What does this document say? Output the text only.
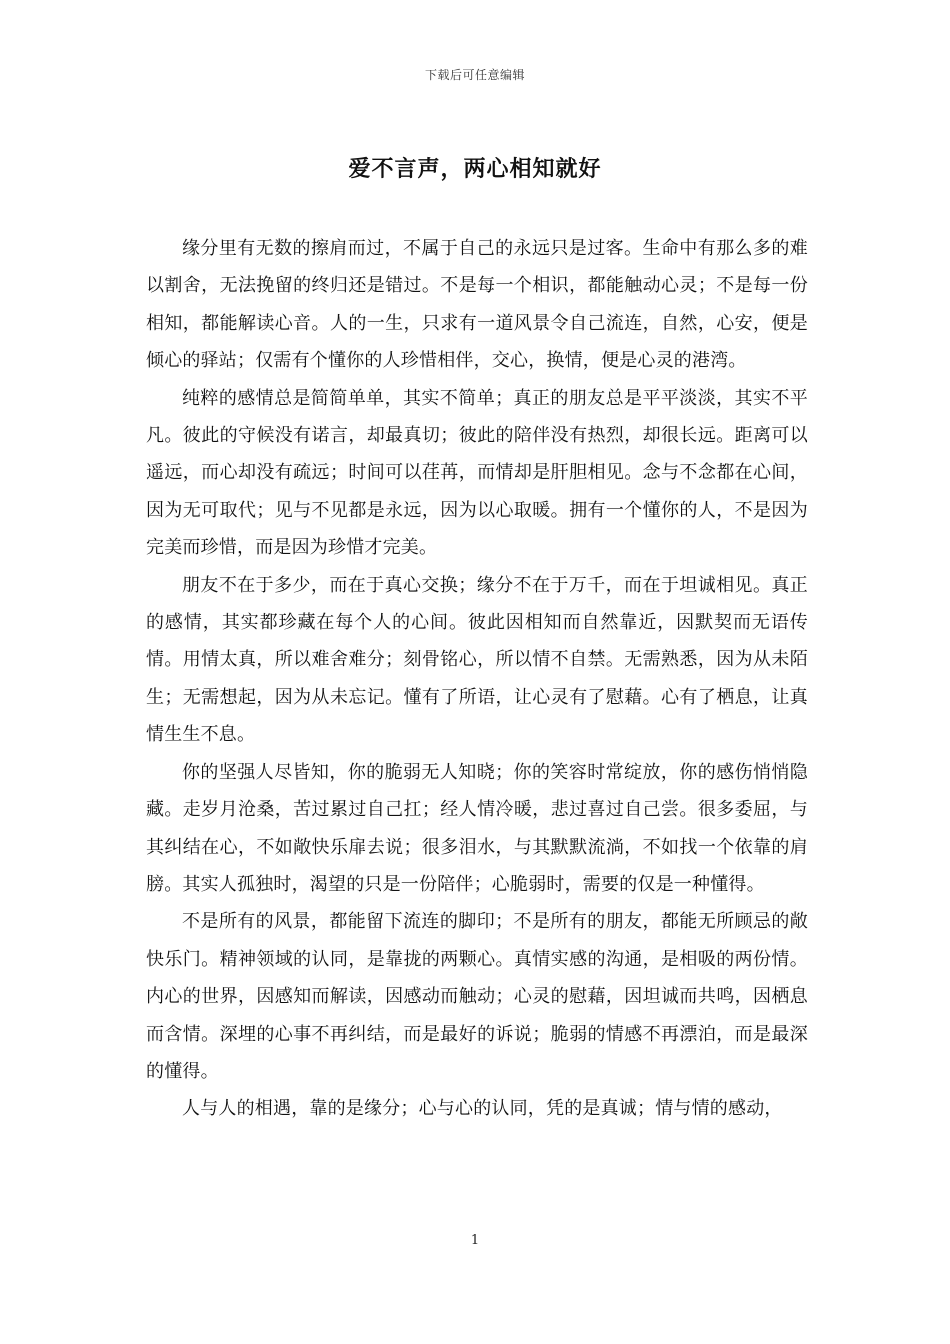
下载后可任意编辑
爱不言声，两心相知就好

缘分里有无数的擦肩而过，不属于自己的永远只是过客。生命中有那么多的难以割舍，无法挽留的终归还是错过。不是每一个相识，都能触动心灵；不是每一份相知，都能解读心音。人的一生，只求有一道风景令自己流连，自然，心安，便是倾心的驿站；仅需有个懂你的人珍惜相伴，交心，换情，便是心灵的港湾。

纯粹的感情总是简简单单，其实不简单；真正的朋友总是平平淡淡，其实不平凡。彼此的守候没有诺言，却最真切；彼此的陪伴没有热烈，却很长远。距离可以遥远，而心却没有疏远；时间可以荏苒，而情却是肝胆相见。念与不念都在心间，因为无可取代；见与不见都是永远，因为以心取暖。拥有一个懂你的人，不是因为完美而珍惜，而是因为珍惜才完美。

朋友不在于多少，而在于真心交换；缘分不在于万千，而在于坦诚相见。真正的感情，其实都珍藏在每个人的心间。彼此因相知而自然靠近，因默契而无语传情。用情太真，所以难舍难分；刻骨铭心，所以情不自禁。无需熟悉，因为从未陌生；无需想起，因为从未忘记。懂有了所语，让心灵有了慰藉。心有了栖息，让真情生生不息。

你的坚强人尽皆知，你的脆弱无人知晓；你的笑容时常绽放，你的感伤悄悄隐藏。走岁月沧桑，苦过累过自己扛；经人情冷暖，悲过喜过自己尝。很多委屈，与其纠结在心，不如敞快乐扉去说；很多泪水，与其默默流淌，不如找一个依靠的肩膀。其实人孤独时，渴望的只是一份陪伴；心脆弱时，需要的仅是一种懂得。

不是所有的风景，都能留下流连的脚印；不是所有的朋友，都能无所顾忌的敞快乐门。精神领域的认同，是靠拢的两颗心。真情实感的沟通，是相吸的两份情。内心的世界，因感知而解读，因感动而触动；心灵的慰藉，因坦诚而共鸣，因栖息而含情。深埋的心事不再纠结，而是最好的诉说；脆弱的情感不再漂泊，而是最深的懂得。

人与人的相遇，靠的是缘分；心与心的认同，凭的是真诚；情与情的感动，

1
